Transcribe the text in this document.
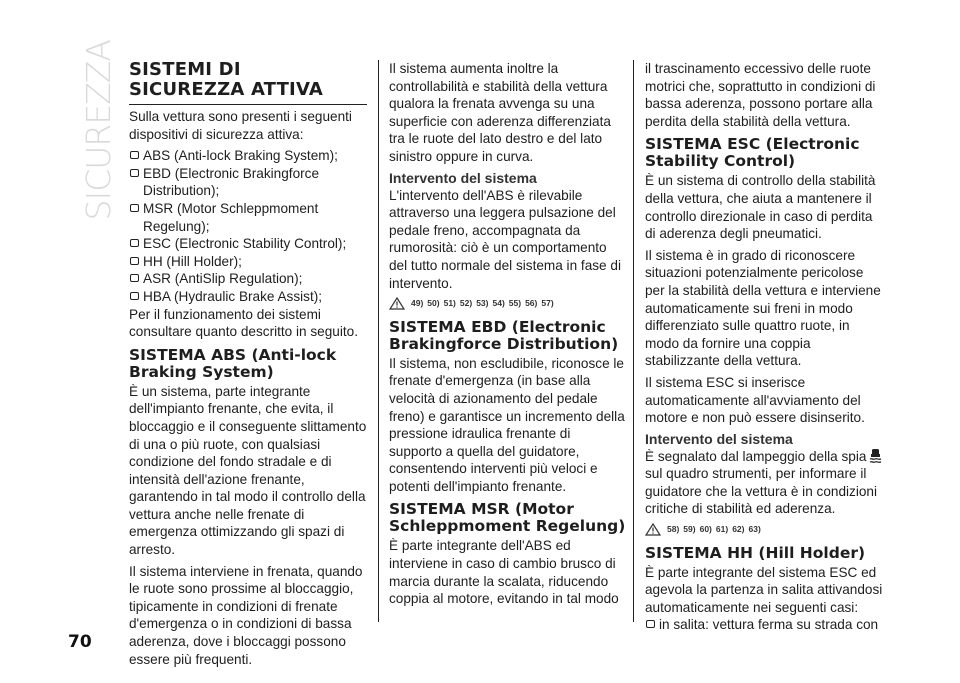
SICUREZZA
70
SISTEMI DI
SICUREZZA ATTIVA

Sulla vettura sono presenti i seguenti dispositivi di sicurezza attiva:

ABS (Anti-lock Braking System);
EBD (Electronic Brakingforce Distribution);
MSR (Motor Schleppmoment Regelung);
ESC (Electronic Stability Control);
HH (Hill Holder);
ASR (AntiSlip Regulation);
HBA (Hydraulic Brake Assist);

Per il funzionamento dei sistemi consultare quanto descritto in seguito.

SISTEMA ABS (Anti-lock Braking System)

È un sistema, parte integrante dell'impianto frenante, che evita, il bloccaggio e il conseguente slittamento di una o più ruote, con qualsiasi condizione del fondo stradale e di intensità dell'azione frenante, garantendo in tal modo il controllo della vettura anche nelle frenate di emergenza ottimizzando gli spazi di arresto.

Il sistema interviene in frenata, quando le ruote sono prossime al bloccaggio, tipicamente in condizioni di frenate d'emergenza o in condizioni di bassa aderenza, dove i bloccaggi possono essere più frequenti.

Il sistema aumenta inoltre la controllabilità e stabilità della vettura qualora la frenata avvenga su una superficie con aderenza differenziata tra le ruote del lato destro e del lato sinistro oppure in curva.

Intervento del sistema

L'intervento dell'ABS è rilevabile attraverso una leggera pulsazione del pedale freno, accompagnata da rumorosità: ciò è un comportamento del tutto normale del sistema in fase di intervento.

49) 50) 51) 52) 53) 54) 55) 56) 57)
SISTEMA EBD (Electronic Brakingforce Distribution)

Il sistema, non escludibile, riconosce le frenate d'emergenza (in base alla velocità di azionamento del pedale freno) e garantisce un incremento della pressione idraulica frenante di supporto a quella del guidatore, consentendo interventi più veloci e potenti dell'impianto frenante.

SISTEMA MSR (Motor Schleppmoment Regelung)

È parte integrante dell'ABS ed interviene in caso di cambio brusco di marcia durante la scalata, riducendo coppia al motore, evitando in tal modo

il trascinamento eccessivo delle ruote motrici che, soprattutto in condizioni di bassa aderenza, possono portare alla perdita della stabilità della vettura.

SISTEMA ESC (Electronic Stability Control)

È un sistema di controllo della stabilità della vettura, che aiuta a mantenere il controllo direzionale in caso di perdita di aderenza degli pneumatici.

Il sistema è in grado di riconoscere situazioni potenzialmente pericolose per la stabilità della vettura e interviene automaticamente sui freni in modo differenziato sulle quattro ruote, in modo da fornire una coppia stabilizzante della vettura.

Il sistema ESC si inserisce automaticamente all'avviamento del motore e non può essere disinserito.

Intervento del sistema

È segnalato dal lampeggio della spia sul quadro strumenti, per informare il guidatore che la vettura è in condizioni critiche di stabilità ed aderenza.

58) 59) 60) 61) 62) 63)
SISTEMA HH (Hill Holder)

È parte integrante del sistema ESC ed agevola la partenza in salita attivandosi automaticamente nei seguenti casi:

in salita: vettura ferma su strada con
